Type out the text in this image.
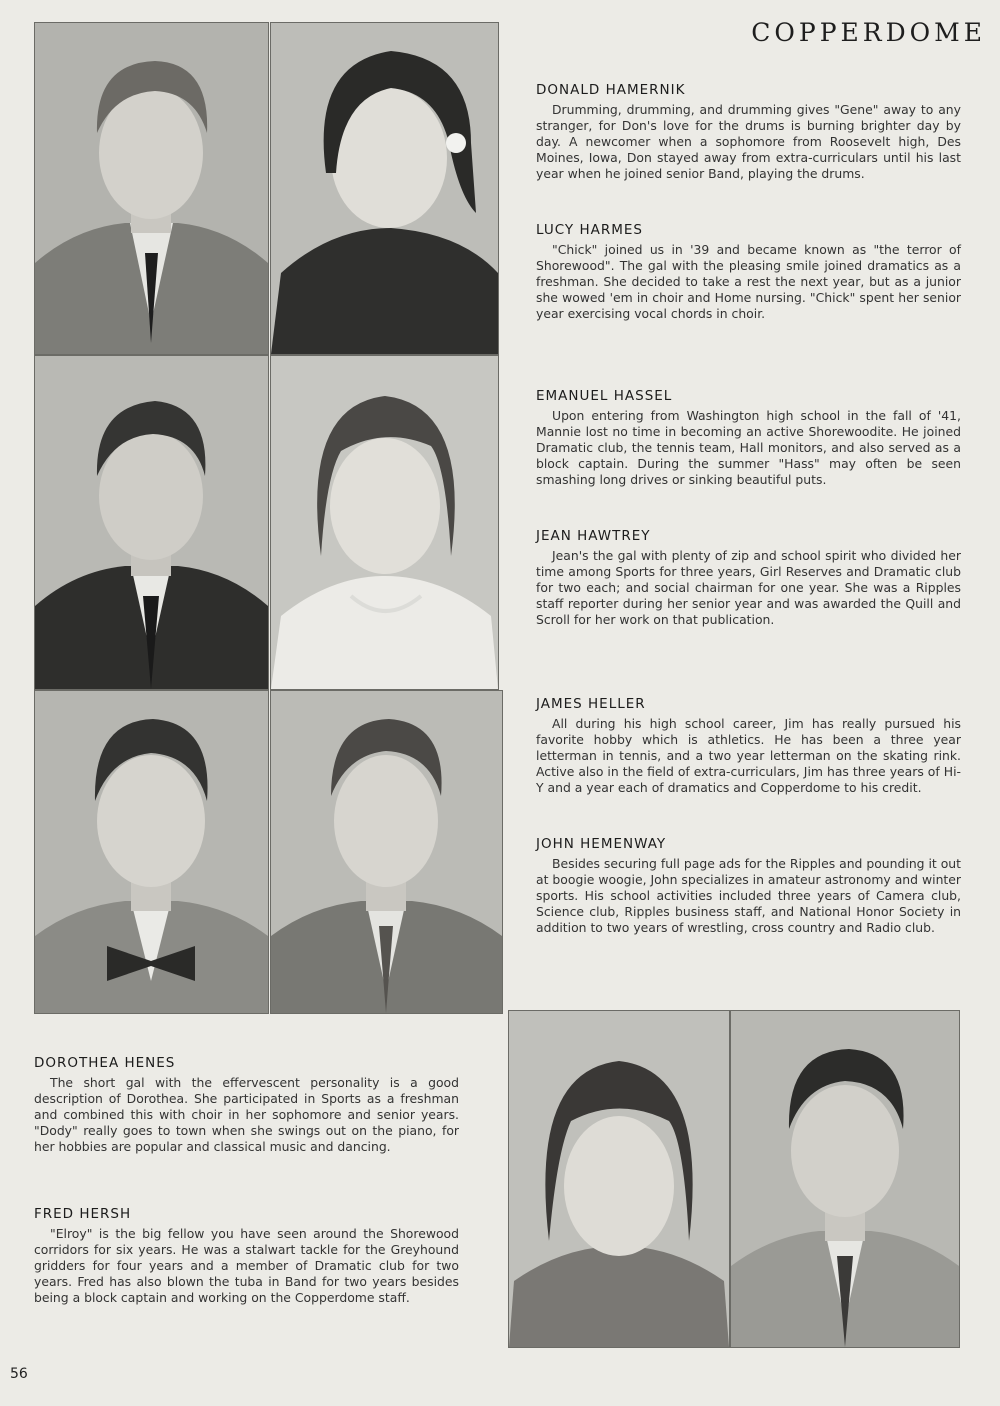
COPPERDOME
DONALD HAMERNIK

Drumming, drumming, and drumming gives "Gene" away to any stranger, for Don's love for the drums is burning brighter day by day. A newcomer when a sophomore from Roosevelt high, Des Moines, Iowa, Don stayed away from extra-curriculars until his last year when he joined senior Band, playing the drums.

LUCY HARMES

"Chick" joined us in '39 and became known as "the terror of Shorewood". The gal with the pleasing smile joined dramatics as a freshman. She decided to take a rest the next year, but as a junior she wowed 'em in choir and Home nursing. "Chick" spent her senior year exercising vocal chords in choir.

EMANUEL HASSEL

Upon entering from Washington high school in the fall of '41, Mannie lost no time in becoming an active Shorewoodite. He joined Dramatic club, the tennis team, Hall monitors, and also served as a block captain. During the summer "Hass" may often be seen smashing long drives or sinking beautiful puts.

JEAN HAWTREY

Jean's the gal with plenty of zip and school spirit who divided her time among Sports for three years, Girl Reserves and Dramatic club for two each; and social chairman for one year. She was a Ripples staff reporter during her senior year and was awarded the Quill and Scroll for her work on that publication.

JAMES HELLER

All during his high school career, Jim has really pursued his favorite hobby which is athletics. He has been a three year letterman in tennis, and a two year letterman on the skating rink. Active also in the field of extra-curriculars, Jim has three years of Hi-Y and a year each of dramatics and Copperdome to his credit.

JOHN HEMENWAY

Besides securing full page ads for the Ripples and pounding it out at boogie woogie, John specializes in amateur astronomy and winter sports. His school activities included three years of Camera club, Science club, Ripples business staff, and National Honor Society in addition to two years of wrestling, cross country and Radio club.

DOROTHEA HENES

The short gal with the effervescent personality is a good description of Dorothea. She participated in Sports as a freshman and combined this with choir in her sophomore and senior years. "Dody" really goes to town when she swings out on the piano, for her hobbies are popular and classical music and dancing.

FRED HERSH

"Elroy" is the big fellow you have seen around the Shorewood corridors for six years. He was a stalwart tackle for the Greyhound gridders for four years and a member of Dramatic club for two years. Fred has also blown the tuba in Band for two years besides being a block captain and working on the Copperdome staff.

56
